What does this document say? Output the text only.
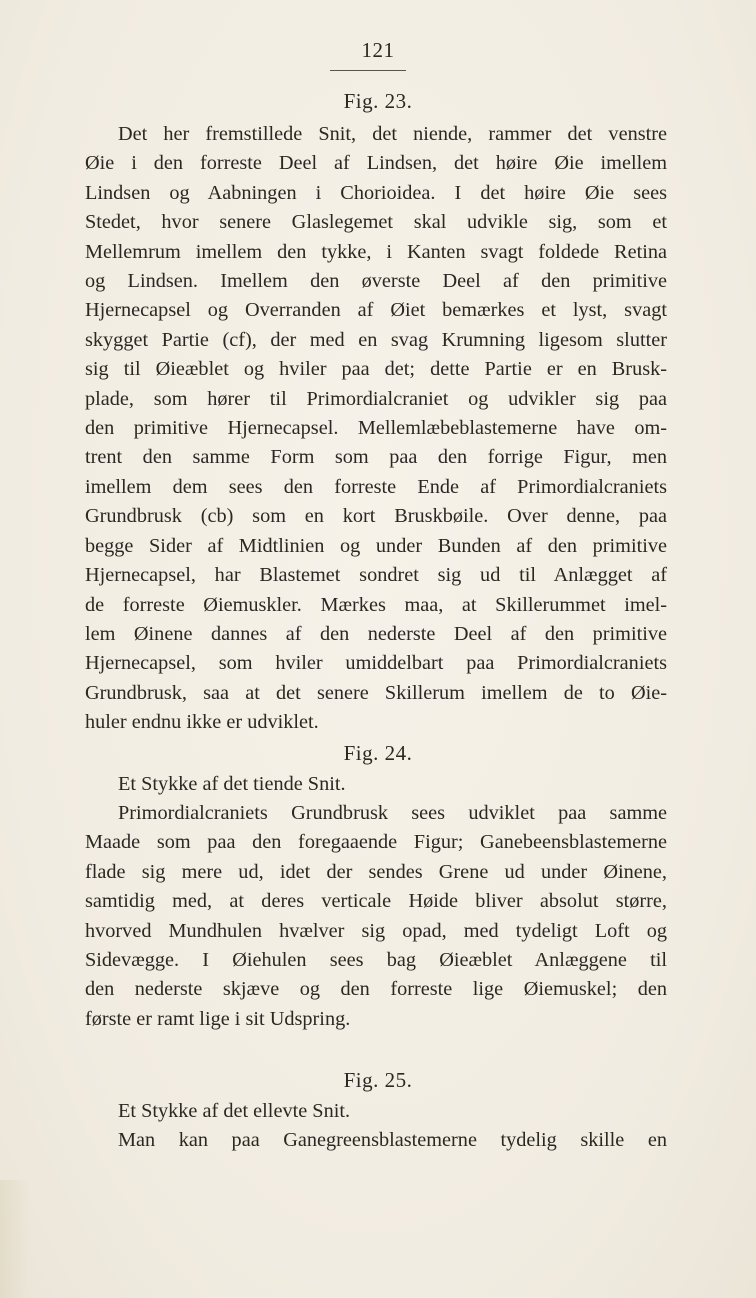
121

Fig. 23.

Det her fremstillede Snit, det niende, rammer det venstre
Øie i den forreste Deel af Lindsen, det høire Øie imellem
Lindsen og Aabningen i Chorioidea. I det høire Øie sees
Stedet, hvor senere Glaslegemet skal udvikle sig, som et
Mellemrum imellem den tykke, i Kanten svagt foldede Retina
og Lindsen. Imellem den øverste Deel af den primitive
Hjernecapsel og Overranden af Øiet bemærkes et lyst, svagt
skygget Partie (cf), der med en svag Krumning ligesom slutter
sig til Øieæblet og hviler paa det; dette Partie er en Brusk-
plade, som hører til Primordialcraniet og udvikler sig paa
den primitive Hjernecapsel. Mellemlæbeblastemerne have om-
trent den samme Form som paa den forrige Figur, men
imellem dem sees den forreste Ende af Primordialcraniets
Grundbrusk (cb) som en kort Bruskbøile. Over denne, paa
begge Sider af Midtlinien og under Bunden af den primitive
Hjernecapsel, har Blastemet sondret sig ud til Anlægget af
de forreste Øiemuskler. Mærkes maa, at Skillerummet imel-
lem Øinene dannes af den nederste Deel af den primitive
Hjernecapsel, som hviler umiddelbart paa Primordialcraniets
Grundbrusk, saa at det senere Skillerum imellem de to Øie-
huler endnu ikke er udviklet.

Fig. 24.

Et Stykke af det tiende Snit.

Primordialcraniets Grundbrusk sees udviklet paa samme
Maade som paa den foregaaende Figur; Ganebeensblastemerne
flade sig mere ud, idet der sendes Grene ud under Øinene,
samtidig med, at deres verticale Høide bliver absolut større,
hvorved Mundhulen hvælver sig opad, med tydeligt Loft og
Sidevægge. I Øiehulen sees bag Øieæblet Anlæggene til
den nederste skjæve og den forreste lige Øiemuskel; den
første er ramt lige i sit Udspring.

Fig. 25.

Et Stykke af det ellevte Snit.

Man kan paa Ganegreensblastemerne tydelig skille en
